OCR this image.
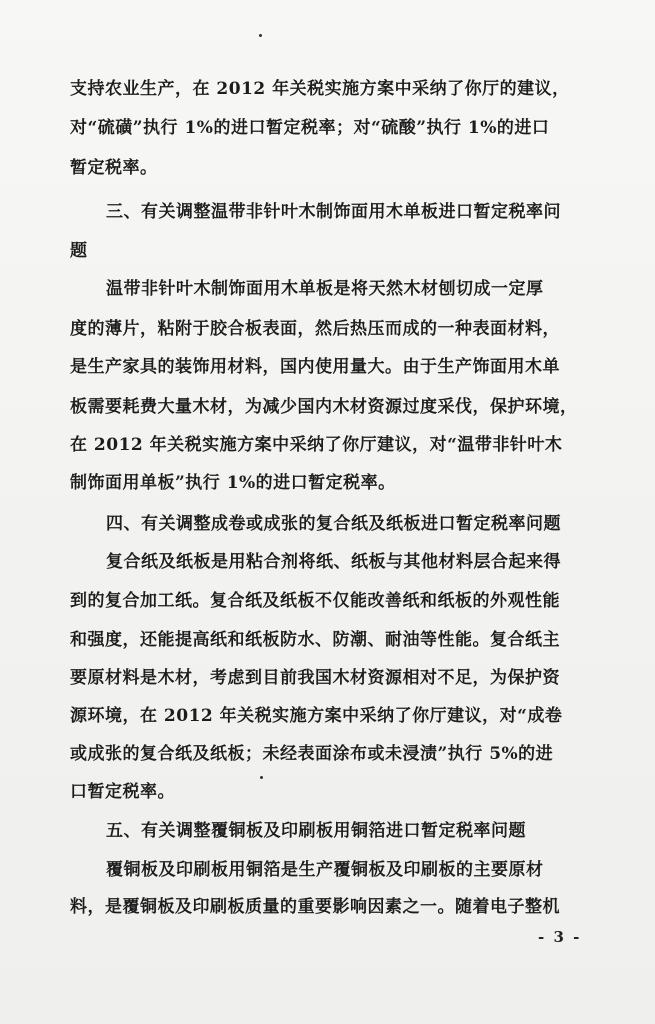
支持农业生产，在 2012 年关税实施方案中采纳了你厅的建议，
对“硫磺”执行 1%的进口暂定税率；对“硫酸”执行 1%的进口
暂定税率。
三、有关调整温带非针叶木制饰面用木单板进口暂定税率问
题
温带非针叶木制饰面用木单板是将天然木材刨切成一定厚
度的薄片，粘附于胶合板表面，然后热压而成的一种表面材料，
是生产家具的装饰用材料，国内使用量大。由于生产饰面用木单
板需要耗费大量木材，为减少国内木材资源过度采伐，保护环境，
在 2012 年关税实施方案中采纳了你厅建议，对“温带非针叶木
制饰面用单板”执行 1%的进口暂定税率。
四、有关调整成卷或成张的复合纸及纸板进口暂定税率问题
复合纸及纸板是用粘合剂将纸、纸板与其他材料层合起来得
到的复合加工纸。复合纸及纸板不仅能改善纸和纸板的外观性能
和强度，还能提高纸和纸板防水、防潮、耐油等性能。复合纸主
要原材料是木材，考虑到目前我国木材资源相对不足，为保护资
源环境，在 2012 年关税实施方案中采纳了你厅建议，对“成卷
或成张的复合纸及纸板；未经表面涂布或未浸渍”执行 5%的进
口暂定税率。
五、有关调整覆铜板及印刷板用铜箔进口暂定税率问题
覆铜板及印刷板用铜箔是生产覆铜板及印刷板的主要原材
料，是覆铜板及印刷板质量的重要影响因素之一。随着电子整机
- 3 -
